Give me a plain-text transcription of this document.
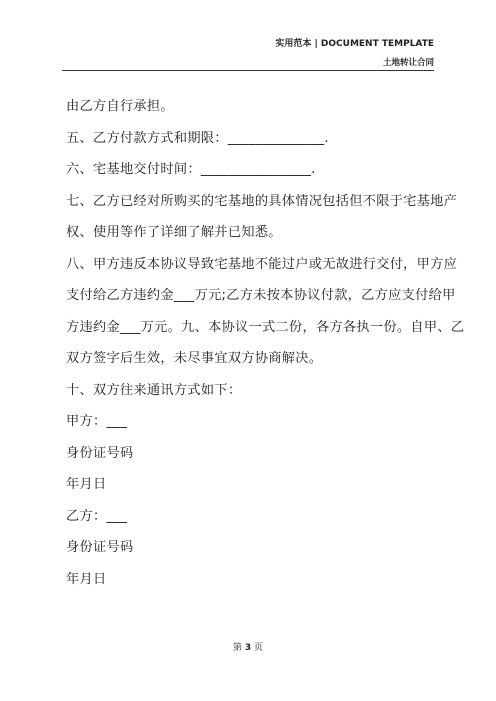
实用范本 | DOCUMENT TEMPLATE
土地转让合同

由乙方自行承担。

五、乙方付款方式和期限：______________.

六、宅基地交付时间：________________.

七、乙方已经对所购买的宅基地的具体情况包括但不限于宅基地产

权、使用等作了详细了解并已知悉。

八、甲方违反本协议导致宅基地不能过户或无故进行交付，甲方应

支付给乙方违约金___万元;乙方未按本协议付款，乙方应支付给甲

方违约金___万元。九、本协议一式二份，各方各执一份。自甲、乙

双方签字后生效，未尽事宜双方协商解决。

十、双方往来通讯方式如下：

甲方：___

身份证号码

年月日

乙方：___

身份证号码

年月日

第 3 页
